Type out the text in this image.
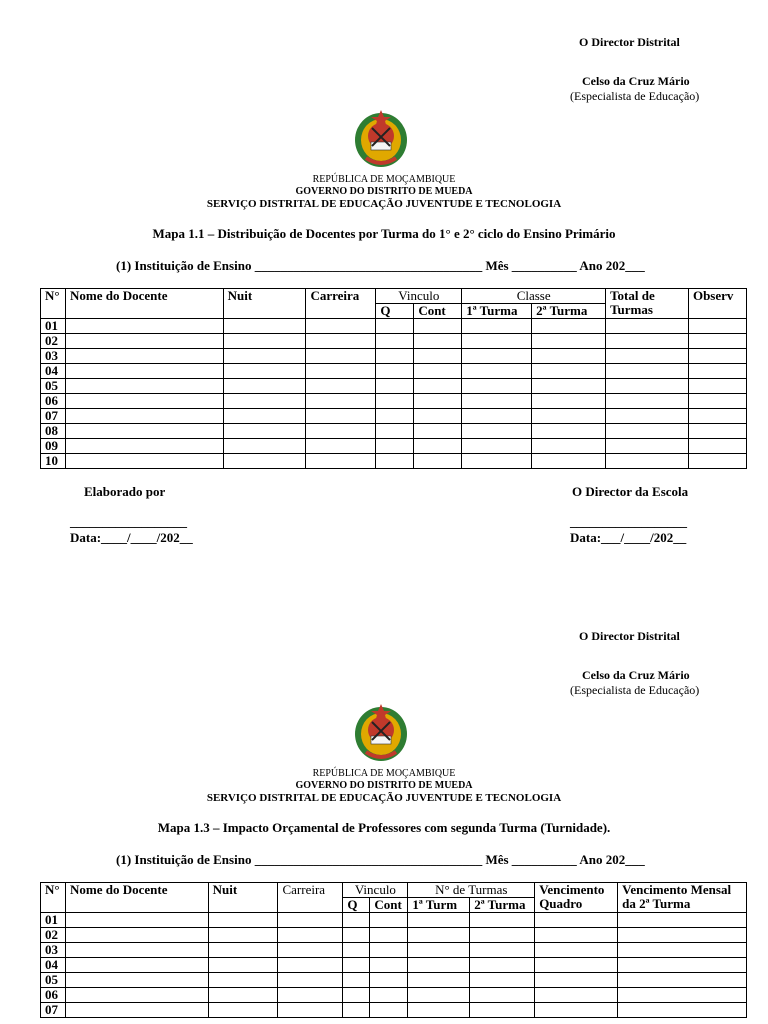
O Director Distrital
Celso da Cruz Mário
(Especialista de Educação)
REPÚBLICA DE MOÇAMBIQUE
GOVERNO DO DISTRITO DE MUEDA
SERVIÇO DISTRITAL DE EDUCAÇÃO JUVENTUDE E TECNOLOGIA
Mapa 1.1 – Distribuição de Docentes por Turma do 1° e 2° ciclo do Ensino Primário
(1) Instituição de Ensino ___________________________________ Mês __________ Ano 202___
N°	Nome do Docente	Nuit	Carreira	Vinculo		Classe		Total de Turmas	Observ
				Q	Cont	1ª Turma	2ª Turma		
01									
02									
03									
04									
05									
06									
07									
08									
09									
10									
Elaborado por	O Director da Escola
__________________	__________________
Data:____/____/202__	Data:___/____/202__
O Director Distrital
Celso da Cruz Mário
(Especialista de Educação)
REPÚBLICA DE MOÇAMBIQUE
GOVERNO DO DISTRITO DE MUEDA
SERVIÇO DISTRITAL DE EDUCAÇÃO JUVENTUDE E TECNOLOGIA
Mapa 1.3 – Impacto Orçamental de Professores com segunda Turma (Turnidade).
(1) Instituição de Ensino ___________________________________ Mês __________ Ano 202___
N°	Nome do Docente	Nuit	Carreira	Vinculo		N° de Turmas		Vencimento Quadro	Vencimento Mensal da 2ª Turma
				Q	Cont	1ª Turm	2ª Turma		
01									
02									
03									
04									
05									
06									
07									
